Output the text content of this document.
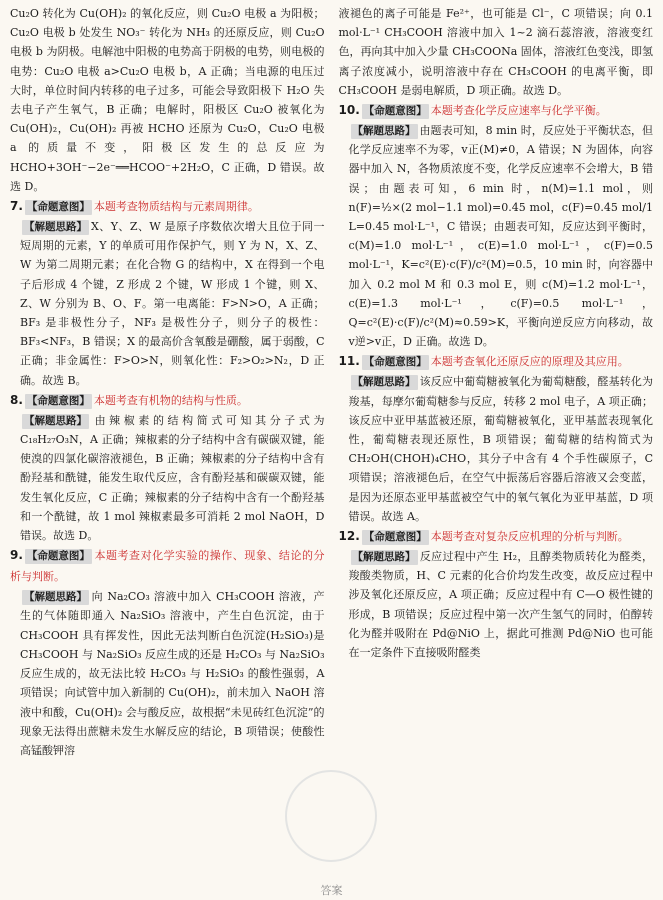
Cu₂O 转化为 Cu(OH)₂ 的氧化反应，则 Cu₂O 电极 a 为阳极；Cu₂O 电极 b 处发生 NO₃⁻ 转化为 NH₃ 的还原反应，则 Cu₂O 电极 b 为阴极。电解池中阳极的电势高于阴极的电势，则电极的电势：Cu₂O 电极 a>Cu₂O 电极 b，A 正确；当电源的电压过大时，单位时间内转移的电子过多，可能会导致阳极下 H₂O 失去电子产生氧气，B 正确；电解时，阳极区 Cu₂O 被氧化为 Cu(OH)₂，Cu(OH)₂ 再被 HCHO 还原为 Cu₂O，Cu₂O 电极 a 的质量不变，阳极区发生的总反应为 HCHO+3OH⁻−2e⁻══HCOO⁻+2H₂O，C 正确，D 错误。故选 D。

7. 【命题意图】 本题考查物质结构与元素周期律。

【解题思路】 X、Y、Z、W 是原子序数依次增大且位于同一短周期的元素，Y 的单质可用作保护气，则 Y 为 N，X、Z、W 为第二周期元素；在化合物 G 的结构中，X 在得到一个电子后形成 4 个键，Z 形成 2 个键，W 形成 1 个键，则 X、Z、W 分别为 B、O、F。第一电离能：F>N>O，A 正确；BF₃ 是非极性分子，NF₃ 是极性分子，则分子的极性：BF₃<NF₃，B 错误；X 的最高价含氧酸是硼酸，属于弱酸，C 正确；非金属性：F>O>N，则氧化性：F₂>O₂>N₂，D 正确。故选 B。

8. 【命题意图】 本题考查有机物的结构与性质。

【解题思路】 由辣椒素的结构简式可知其分子式为 C₁₈H₂₇O₃N，A 正确；辣椒素的分子结构中含有碳碳双键，能使溴的四氯化碳溶液褪色，B 正确；辣椒素的分子结构中含有酚羟基和酰键，能发生取代反应，含有酚羟基和碳碳双键，能发生氧化反应，C 正确；辣椒素的分子结构中含有一个酚羟基和一个酰键，故 1 mol 辣椒素最多可消耗 2 mol NaOH，D 错误。故选 D。

9. 【命题意图】 本题考查对化学实验的操作、现象、结论的分析与判断。

【解题思路】 向 Na₂CO₃ 溶液中加入 CH₃COOH 溶液，产生的气体随即通入 Na₂SiO₃ 溶液中，产生白色沉淀，由于 CH₃COOH 具有挥发性，因此无法判断白色沉淀(H₂SiO₃)是 CH₃COOH 与 Na₂SiO₃ 反应生成的还是 H₂CO₃ 与 Na₂SiO₃ 反应生成的，故无法比较 H₂CO₃ 与 H₂SiO₃ 的酸性强弱，A 项错误；向试管中加入新制的 Cu(OH)₂，前未加入 NaOH 溶液中和酸，Cu(OH)₂ 会与酸反应，故根据“未见砖红色沉淀”的现象无法得出蔗糖未发生水解反应的结论，B 项错误；使酸性高锰酸钾溶

液褪色的离子可能是 Fe²⁺，也可能是 Cl⁻，C 项错误；向 0.1 mol·L⁻¹ CH₃COOH 溶液中加入 1~2 滴石蕊溶液，溶液变红色，再向其中加入少量 CH₃COONa 固体，溶液红色变浅，即氢离子浓度减小，说明溶液中存在 CH₃COOH 的电离平衡，即 CH₃COOH 是弱电解质，D 项正确。故选 D。

10. 【命题意图】 本题考查化学反应速率与化学平衡。

【解题思路】 由题表可知，8 min 时，反应处于平衡状态，但化学反应速率不为零，v正(M)≠0，A 错误；N 为固体，向容器中加入 N，各物质浓度不变，化学反应速率不会增大，B 错误；由题表可知，6 min 时，n(M)=1.1 mol，则 n(F)=½×(2 mol−1.1 mol)=0.45 mol，c(F)=0.45 mol/1 L=0.45 mol·L⁻¹，C 错误；由题表可知，反应达到平衡时，c(M)=1.0 mol·L⁻¹，c(E)=1.0 mol·L⁻¹，c(F)=0.5 mol·L⁻¹，K=c²(E)·c(F)/c²(M)=0.5，10 min 时，向容器中加入 0.2 mol M 和 0.3 mol E，则 c(M)=1.2 mol·L⁻¹，c(E)=1.3 mol·L⁻¹，c(F)=0.5 mol·L⁻¹，Q=c²(E)·c(F)/c²(M)≈0.59>K，平衡向逆反应方向移动，故 v逆>v正，D 正确。故选 D。

11. 【命题意图】 本题考查氧化还原反应的原理及其应用。

【解题思路】 该反应中葡萄糖被氧化为葡萄糖酸，醛基转化为羧基，每摩尔葡萄糖参与反应，转移 2 mol 电子，A 项正确；该反应中亚甲基蓝被还原，葡萄糖被氧化，亚甲基蓝表现氧化性，葡萄糖表现还原性，B 项错误；葡萄糖的结构简式为 CH₂OH(CHOH)₄CHO，其分子中含有 4 个手性碳原子，C 项错误；溶液褪色后，在空气中振荡后容器后溶液又会变蓝，是因为还原态亚甲基蓝被空气中的氧气氧化为亚甲基蓝，D 项错误。故选 A。

12. 【命题意图】 本题考查对复杂反应机理的分析与判断。

【解题思路】 反应过程中产生 H₂，且醇类物质转化为醛类，羧酸类物质，H、C 元素的化合价均发生改变，故反应过程中涉及氧化还原反应，A 项正确；反应过程中有 C—O 极性键的形成，B 项错误；反应过程中第一次产生氢气的同时，伯醇转化为醛并吸附在 Pd@NiO 上，据此可推测 Pd@NiO 也可能在一定条件下直接吸附醛类

答案
